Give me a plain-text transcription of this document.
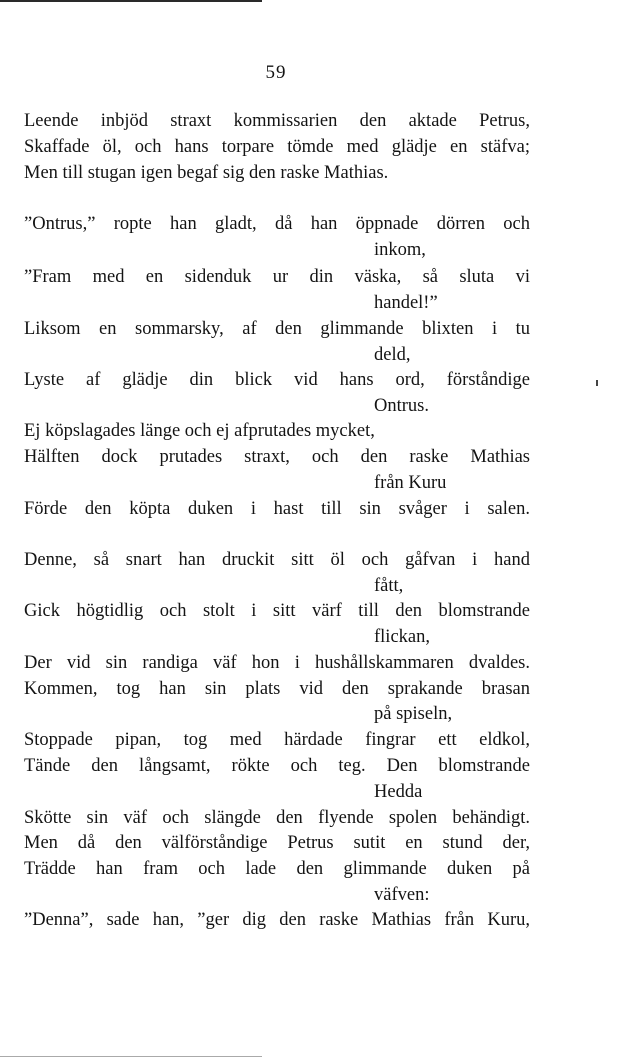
59
Leende inbjöd straxt kommissarien den aktade Petrus,
Skaffade öl, och hans torpare tömde med glädje en stäfva;
Men till stugan igen begaf sig den raske Mathias.
”Ontrus,” ropte han gladt, då han öppnade dörren och
inkom,
”Fram med en sidenduk ur din väska, så sluta vi
handel!”
Liksom en sommarsky, af den glimmande blixten i tu
deld,
Lyste af glädje din blick vid hans ord, förståndige
Ontrus.
Ej köpslagades länge och ej afprutades mycket,
Hälften dock prutades straxt, och den raske Mathias
från Kuru
Förde den köpta duken i hast till sin svåger i salen.
Denne, så snart han druckit sitt öl och gåfvan i hand
fått,
Gick högtidlig och stolt i sitt värf till den blomstrande
flickan,
Der vid sin randiga väf hon i hushållskammaren dvaldes.
Kommen, tog han sin plats vid den sprakande brasan
på spiseln,
Stoppade pipan, tog med härdade fingrar ett eldkol,
Tände den långsamt, rökte och teg. Den blomstrande
Hedda
Skötte sin väf och slängde den flyende spolen behändigt.
Men då den välförståndige Petrus sutit en stund der,
Trädde han fram och lade den glimmande duken på
väfven:
”Denna”, sade han, ”ger dig den raske Mathias från Kuru,
